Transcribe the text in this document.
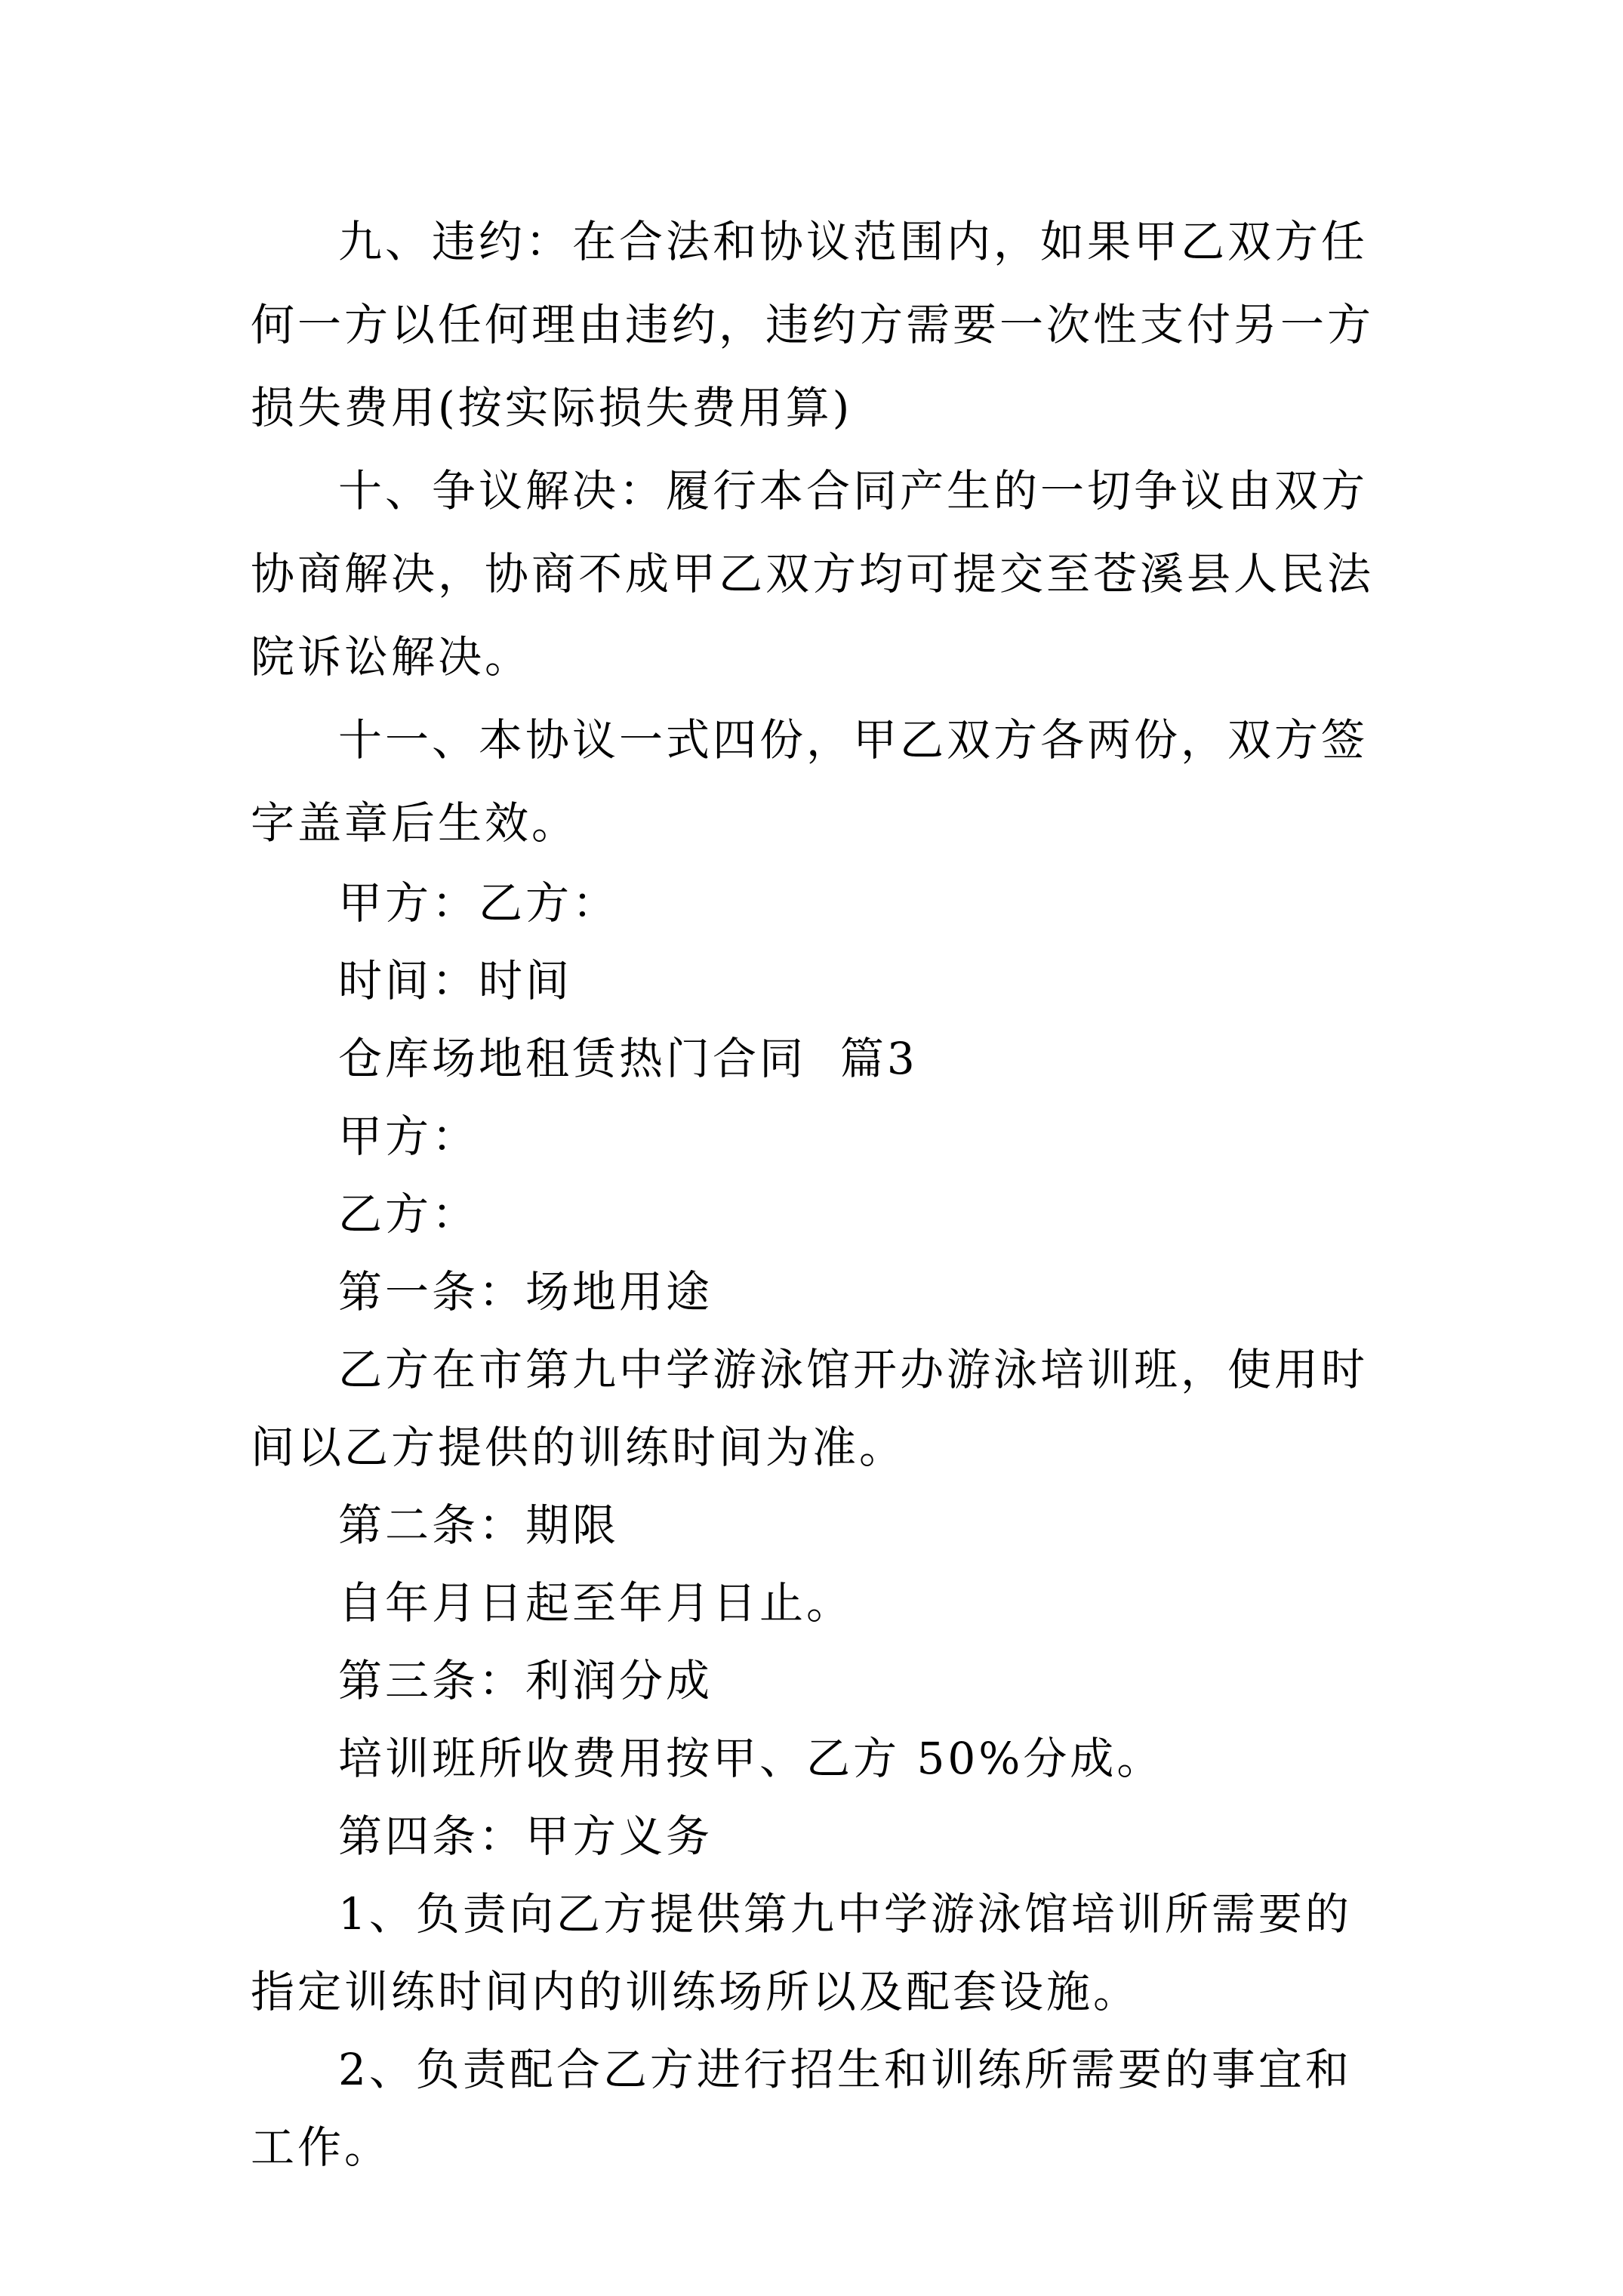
九、违约：在合法和协议范围内，如果甲乙双方任何一方以任何理由违约，违约方需要一次性支付另一方损失费用(按实际损失费用算)

十、争议解决：履行本合同产生的一切争议由双方协商解决，协商不成甲乙双方均可提交至苍溪县人民法院诉讼解决。

十一、本协议一式四份，甲乙双方各两份，双方签字盖章后生效。

甲方：乙方：

时间：时间

仓库场地租赁热门合同  篇3

甲方：

乙方：

第一条：场地用途

乙方在市第九中学游泳馆开办游泳培训班，使用时间以乙方提供的训练时间为准。

第二条：期限

自年月日起至年月日止。

第三条：利润分成

培训班所收费用按甲、乙方 50%分成。

第四条：甲方义务

1、负责向乙方提供第九中学游泳馆培训所需要的指定训练时间内的训练场所以及配套设施。

2、负责配合乙方进行招生和训练所需要的事宜和工作。
